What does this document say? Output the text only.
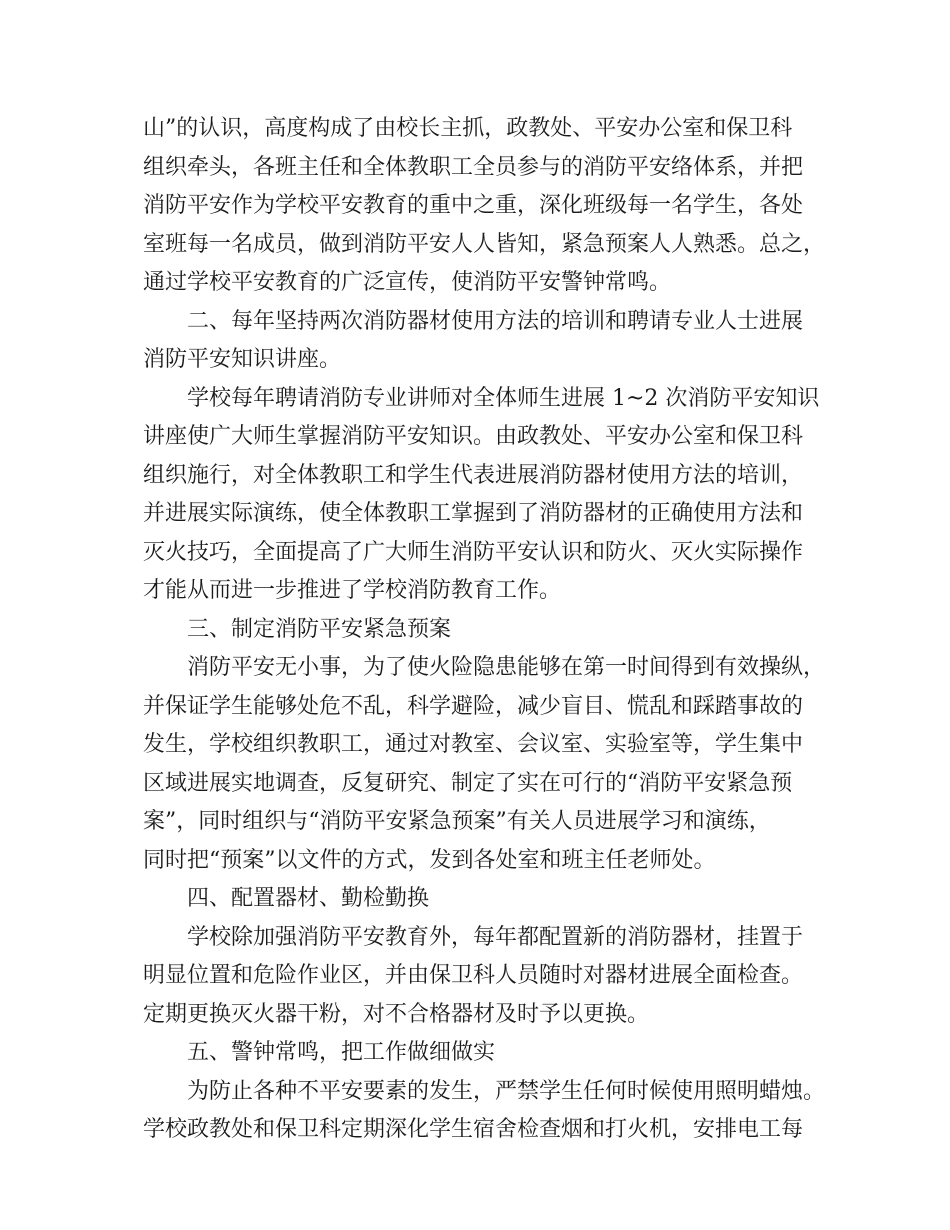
山”的认识，高度构成了由校长主抓，政教处、平安办公室和保卫科
组织牵头，各班主任和全体教职工全员参与的消防平安络体系，并把
消防平安作为学校平安教育的重中之重，深化班级每一名学生，各处
室班每一名成员，做到消防平安人人皆知，紧急预案人人熟悉。总之，
通过学校平安教育的广泛宣传，使消防平安警钟常鸣。
二、每年坚持两次消防器材使用方法的培训和聘请专业人士进展
消防平安知识讲座。
学校每年聘请消防专业讲师对全体师生进展 1~2 次消防平安知识
讲座使广大师生掌握消防平安知识。由政教处、平安办公室和保卫科
组织施行，对全体教职工和学生代表进展消防器材使用方法的培训，
并进展实际演练，使全体教职工掌握到了消防器材的正确使用方法和
灭火技巧，全面提高了广大师生消防平安认识和防火、灭火实际操作
才能从而进一步推进了学校消防教育工作。
三、制定消防平安紧急预案
消防平安无小事，为了使火险隐患能够在第一时间得到有效操纵，
并保证学生能够处危不乱，科学避险，减少盲目、慌乱和踩踏事故的
发生，学校组织教职工，通过对教室、会议室、实验室等，学生集中
区域进展实地调查，反复研究、制定了实在可行的“消防平安紧急预
案”，同时组织与“消防平安紧急预案”有关人员进展学习和演练，
同时把“预案”以文件的方式，发到各处室和班主任老师处。
四、配置器材、勤检勤换
学校除加强消防平安教育外，每年都配置新的消防器材，挂置于
明显位置和危险作业区，并由保卫科人员随时对器材进展全面检查。
定期更换灭火器干粉，对不合格器材及时予以更换。
五、警钟常鸣，把工作做细做实
为防止各种不平安要素的发生，严禁学生任何时候使用照明蜡烛。
学校政教处和保卫科定期深化学生宿舍检查烟和打火机，安排电工每
